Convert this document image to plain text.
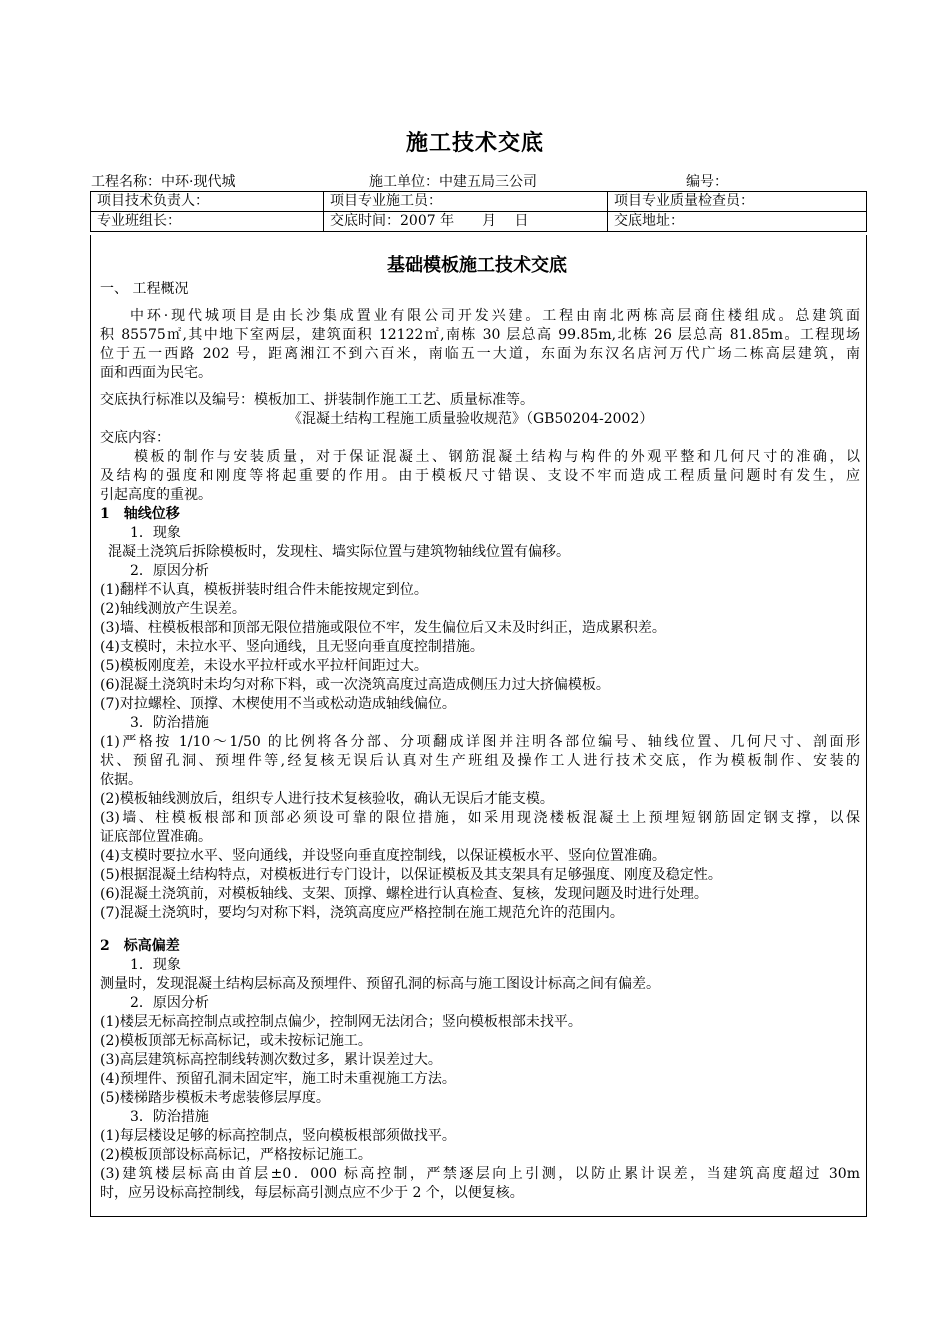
施工技术交底
工程名称：中环·现代城	施工单位：中建五局三公司	编号：
项目技术负责人：	项目专业施工员：	项目专业质量检查员：
专业班组长：	交底时间：2007 年　　月　 日	交底地址：
基础模板施工技术交底
一、 工程概况
中环·现代城项目是由长沙集成置业有限公司开发兴建。工程由南北两栋高层商住楼组成。总建筑面
积 85575㎡,其中地下室两层，建筑面积 12122㎡,南栋 30 层总高 99.85m,北栋 26 层总高 81.85m。工程现场
位于五一西路 202 号，距离湘江不到六百米，南临五一大道，东面为东汉名店河万代广场二栋高层建筑，南
面和西面为民宅。
交底执行标准以及编号：模板加工、拼装制作施工工艺、质量标准等。
《混凝土结构工程施工质量验收规范》（GB50204-2002）
交底内容：
模板的制作与安装质量，对于保证混凝土、钢筋混凝土结构与构件的外观平整和几何尺寸的准确，以
及结构的强度和刚度等将起重要的作用。由于模板尺寸错误、支设不牢而造成工程质量问题时有发生，应
引起高度的重视。
1　轴线位移
1．现象
混凝土浇筑后拆除模板时，发现柱、墙实际位置与建筑物轴线位置有偏移。
2．原因分析
(1)翻样不认真，模板拼装时组合件未能按规定到位。
(2)轴线测放产生误差。
(3)墙、柱模板根部和顶部无限位措施或限位不牢，发生偏位后又未及时纠正，造成累积差。
(4)支模时，未拉水平、竖向通线，且无竖向垂直度控制措施。
(5)模板刚度差，未设水平拉杆或水平拉杆间距过大。
(6)混凝土浇筑时未均匀对称下料，或一次浇筑高度过高造成侧压力过大挤偏模板。
(7)对拉螺栓、顶撑、木楔使用不当或松动造成轴线偏位。
3．防治措施
(1)严格按 1/10～1/50 的比例将各分部、分项翻成详图并注明各部位编号、轴线位置、几何尺寸、剖面形
状、预留孔洞、预埋件等,经复核无误后认真对生产班组及操作工人进行技术交底，作为模板制作、安装的
依据。
(2)模板轴线测放后，组织专人进行技术复核验收，确认无误后才能支模。
(3)墙、柱模板根部和顶部必须设可靠的限位措施，如采用现浇楼板混凝土上预埋短钢筋固定钢支撑，以保
证底部位置准确。
(4)支模时要拉水平、竖向通线，并设竖向垂直度控制线，以保证模板水平、竖向位置准确。
(5)根据混凝土结构特点，对模板进行专门设计，以保证模板及其支架具有足够强度、刚度及稳定性。
(6)混凝土浇筑前，对模板轴线、支架、顶撑、螺栓进行认真检查、复核，发现问题及时进行处理。
(7)混凝土浇筑时，要均匀对称下料，浇筑高度应严格控制在施工规范允许的范围内。
2　标高偏差
1．现象
测量时，发现混凝土结构层标高及预埋件、预留孔洞的标高与施工图设计标高之间有偏差。
2．原因分析
(1)楼层无标高控制点或控制点偏少，控制网无法闭合；竖向模板根部未找平。
(2)模板顶部无标高标记，或未按标记施工。
(3)高层建筑标高控制线转测次数过多，累计误差过大。
(4)预埋件、预留孔洞未固定牢，施工时未重视施工方法。
(5)楼梯踏步模板未考虑装修层厚度。
3．防治措施
(1)每层楼设足够的标高控制点，竖向模板根部须做找平。
(2)模板顶部设标高标记，严格按标记施工。
(3)建筑楼层标高由首层±0．000 标高控制，严禁逐层向上引测，以防止累计误差，当建筑高度超过 30m
时，应另设标高控制线，每层标高引测点应不少于 2 个，以便复核。
